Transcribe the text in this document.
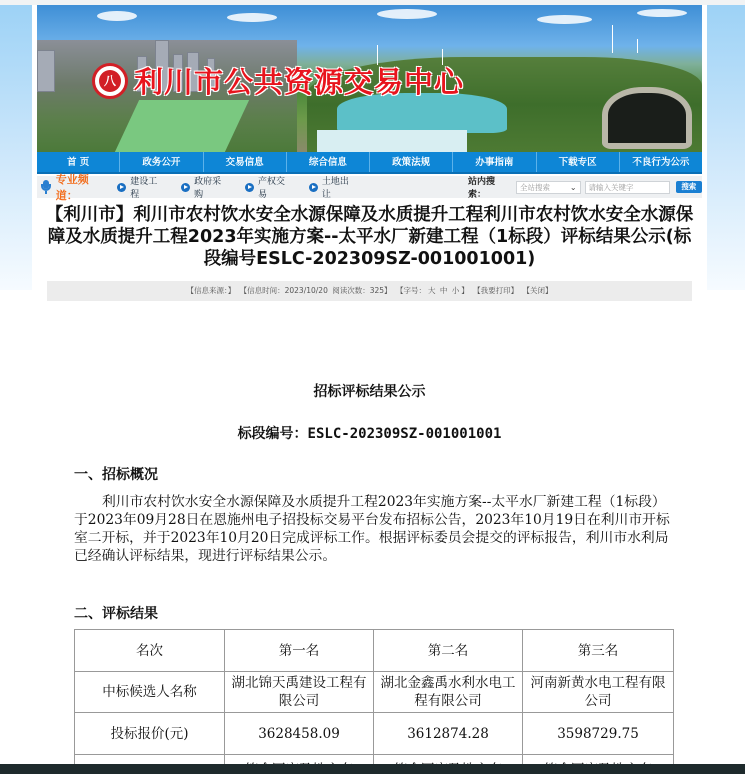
八 利川市公共资源交易中心
首 页	政务公开	交易信息	综合信息	政策法规	办事指南	下载专区	不良行为公示
专业频道：
建设工程
政府采购
产权交易
土地出让
站内搜索：
全站搜索 ⌄	请输入关键字	搜索
【利川市】利川市农村饮水安全水源保障及水质提升工程利川市农村饮水安全水源保障及水质提升工程2023年实施方案--太平水厂新建工程（1标段）评标结果公示(标段编号ESLC-202309SZ-001001001)
【信息来源：】 【信息时间：2023/10/20 阅读次数：325】 【字号： 大 中 小 】 【我要打印】 【关闭】
招标评标结果公示
标段编号：ESLC-202309SZ-001001001
一、招标概况
利川市农村饮水安全水源保障及水质提升工程2023年实施方案--太平水厂新建工程（1标段）于2023年09月28日在恩施州电子招投标交易平台发布招标公告，2023年10月19日在利川市开标室二开标，并于2023年10月20日完成评标工作。根据评标委员会提交的评标报告，利川市水利局已经确认评标结果，现进行评标结果公示。
二、评标结果
名次	第一名	第二名	第三名
中标候选人名称	湖北锦天禹建设工程有限公司	湖北金鑫禹水利水电工程有限公司	河南新黄水电工程有限公司
投标报价(元)	3628458.09	3612874.28	3598729.75
